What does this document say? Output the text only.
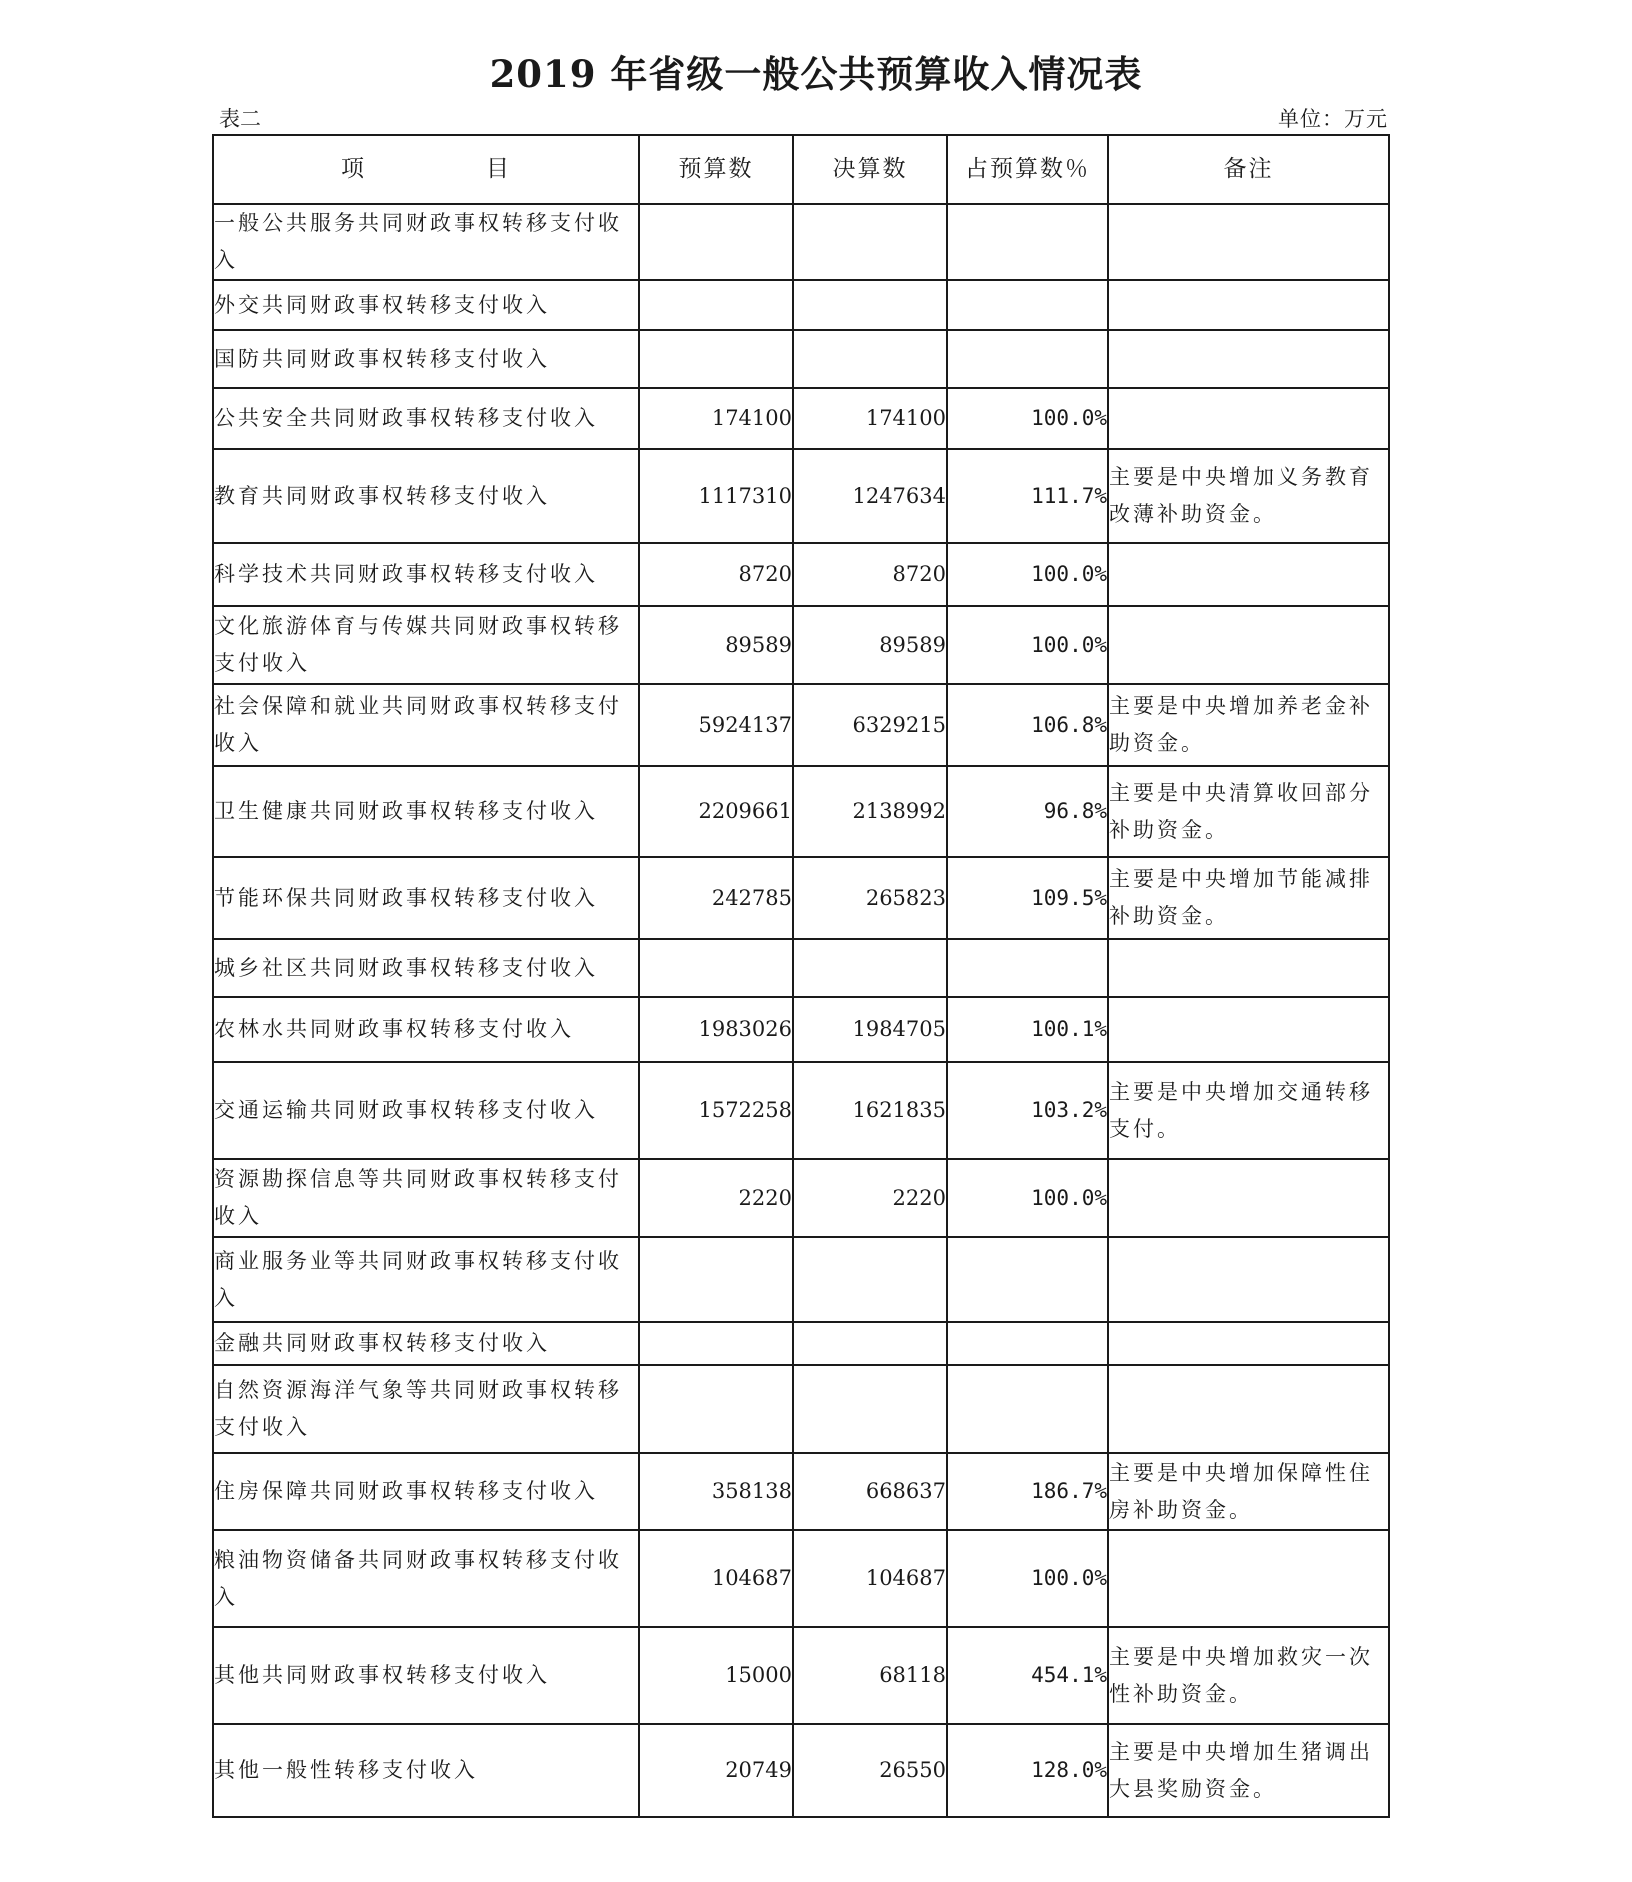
2019 年省级一般公共预算收入情况表
表二	单位：万元
项 目	预算数	决算数	占预算数％	备注
一般公共服务共同财政事权转移支付收入				
外交共同财政事权转移支付收入				
国防共同财政事权转移支付收入				
公共安全共同财政事权转移支付收入	174100	174100	100.0%	
教育共同财政事权转移支付收入	1117310	1247634	111.7%	主要是中央增加义务教育改薄补助资金。
科学技术共同财政事权转移支付收入	8720	8720	100.0%	
文化旅游体育与传媒共同财政事权转移支付收入	89589	89589	100.0%	
社会保障和就业共同财政事权转移支付收入	5924137	6329215	106.8%	主要是中央增加养老金补助资金。
卫生健康共同财政事权转移支付收入	2209661	2138992	96.8%	主要是中央清算收回部分补助资金。
节能环保共同财政事权转移支付收入	242785	265823	109.5%	主要是中央增加节能减排补助资金。
城乡社区共同财政事权转移支付收入				
农林水共同财政事权转移支付收入	1983026	1984705	100.1%	
交通运输共同财政事权转移支付收入	1572258	1621835	103.2%	主要是中央增加交通转移支付。
资源勘探信息等共同财政事权转移支付收入	2220	2220	100.0%	
商业服务业等共同财政事权转移支付收入				
金融共同财政事权转移支付收入				
自然资源海洋气象等共同财政事权转移支付收入				
住房保障共同财政事权转移支付收入	358138	668637	186.7%	主要是中央增加保障性住房补助资金。
粮油物资储备共同财政事权转移支付收入	104687	104687	100.0%	
其他共同财政事权转移支付收入	15000	68118	454.1%	主要是中央增加救灾一次性补助资金。
其他一般性转移支付收入	20749	26550	128.0%	主要是中央增加生猪调出大县奖励资金。
